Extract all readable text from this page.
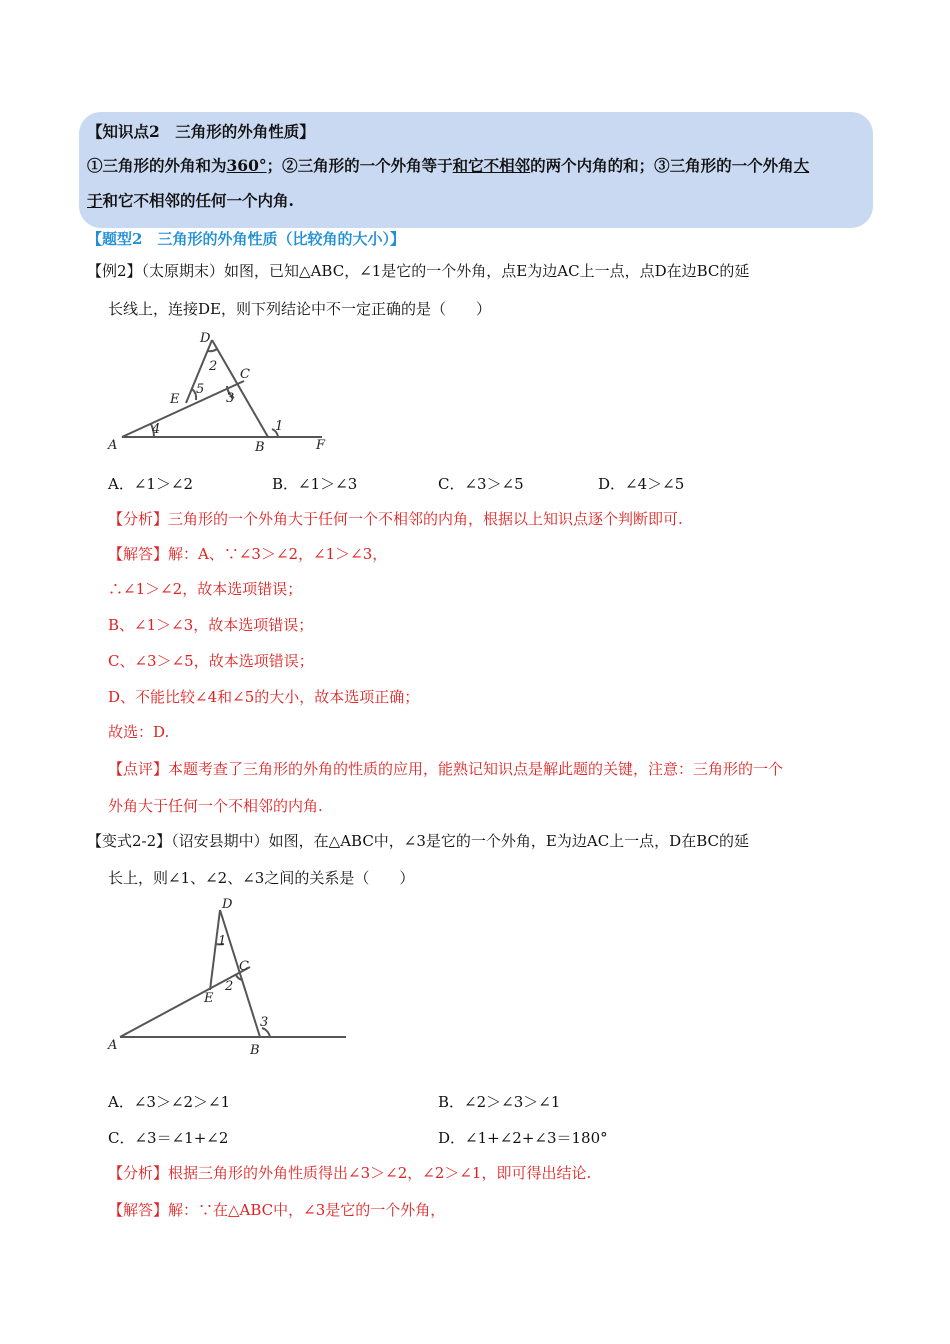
【知识点2　三角形的外角性质】
①三角形的外角和为360°；②三角形的一个外角等于和它不相邻的两个内角的和；③三角形的一个外角大
于和它不相邻的任何一个内角.
【题型2　三角形的外角性质（比较角的大小）】
【例2】（太原期末）如图，已知△ABC，∠1是它的一个外角，点E为边AC上一点，点D在边BC的延
长线上，连接DE，则下列结论中不一定正确的是（　　）
D
C
E
A	B	F
1
2
3
4
5
A．∠1＞∠2	B．∠1＞∠3	C．∠3＞∠5	D．∠4＞∠5
【分析】三角形的一个外角大于任何一个不相邻的内角，根据以上知识点逐个判断即可.
【解答】解：A、∵∠3＞∠2，∠1＞∠3，
∴∠1＞∠2，故本选项错误；
B、∠1＞∠3，故本选项错误；
C、∠3＞∠5，故本选项错误；
D、不能比较∠4和∠5的大小，故本选项正确；
故选：D.
【点评】本题考查了三角形的外角的性质的应用，能熟记知识点是解此题的关键，注意：三角形的一个
外角大于任何一个不相邻的内角.
【变式2-2】（诏安县期中）如图，在△ABC中，∠3是它的一个外角，E为边AC上一点，D在BC的延
长上，则∠1、∠2、∠3之间的关系是（　　）
D
C
E
A	B
1
2
3
A．∠3＞∠2＞∠1	B．∠2＞∠3＞∠1
C．∠3＝∠1+∠2	D．∠1+∠2+∠3＝180°
【分析】根据三角形的外角性质得出∠3＞∠2，∠2＞∠1，即可得出结论.
【解答】解：∵在△ABC中，∠3是它的一个外角，
